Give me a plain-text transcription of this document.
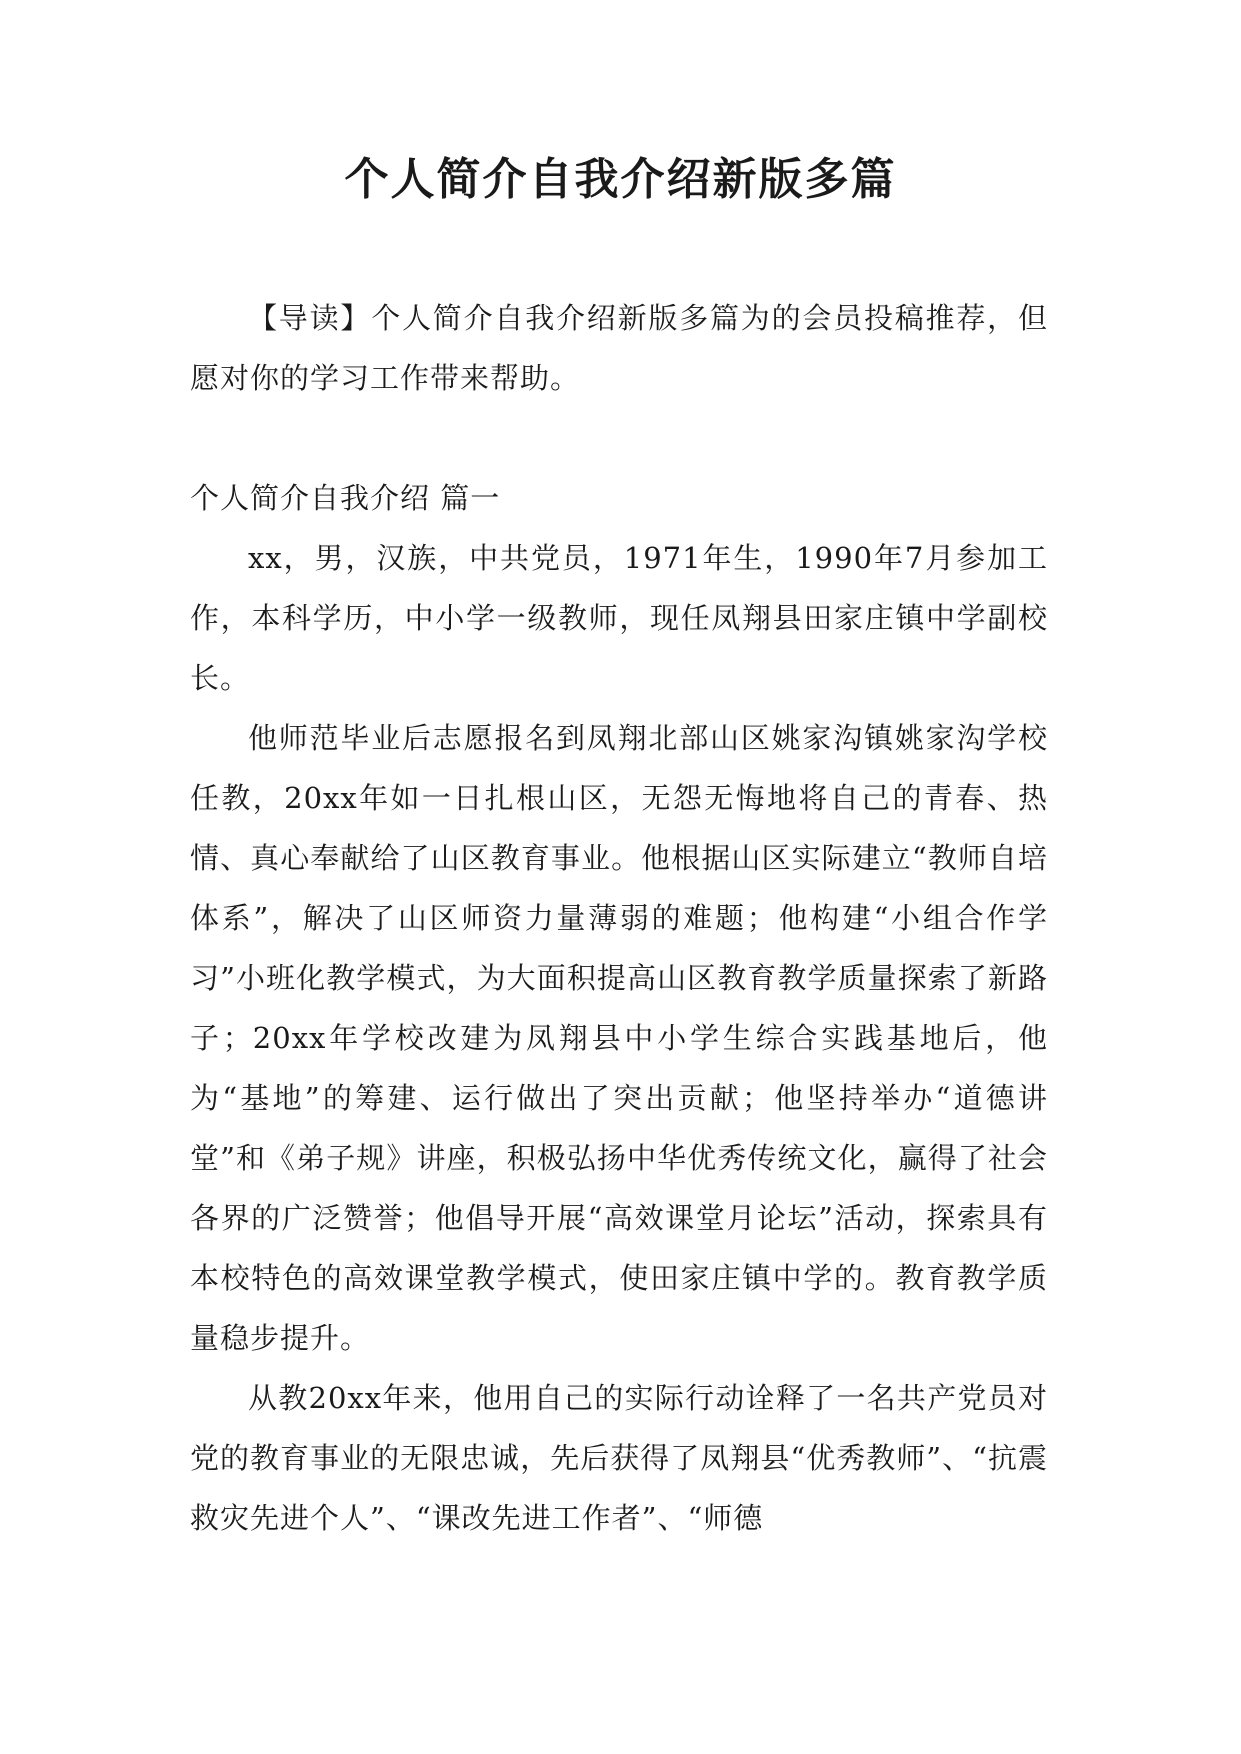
个人简介自我介绍新版多篇

【导读】个人简介自我介绍新版多篇为的会员投稿推荐，但愿对你的学习工作带来帮助。

个人简介自我介绍 篇一

xx，男，汉族，中共党员，1971年生，1990年7月参加工作，本科学历，中小学一级教师，现任凤翔县田家庄镇中学副校长。

他师范毕业后志愿报名到凤翔北部山区姚家沟镇姚家沟学校任教，20xx年如一日扎根山区，无怨无悔地将自己的青春、热情、真心奉献给了山区教育事业。他根据山区实际建立“教师自培体系”，解决了山区师资力量薄弱的难题；他构建“小组合作学习”小班化教学模式，为大面积提高山区教育教学质量探索了新路子；20xx年学校改建为凤翔县中小学生综合实践基地后，他为“基地”的筹建、运行做出了突出贡献；他坚持举办“道德讲堂”和《弟子规》讲座，积极弘扬中华优秀传统文化，赢得了社会各界的广泛赞誉；他倡导开展“高效课堂月论坛”活动，探索具有本校特色的高效课堂教学模式，使田家庄镇中学的。教育教学质量稳步提升。

从教20xx年来，他用自己的实际行动诠释了一名共产党员对党的教育事业的无限忠诚，先后获得了凤翔县“优秀教师”、“抗震救灾先进个人”、“课改先进工作者”、“师德
